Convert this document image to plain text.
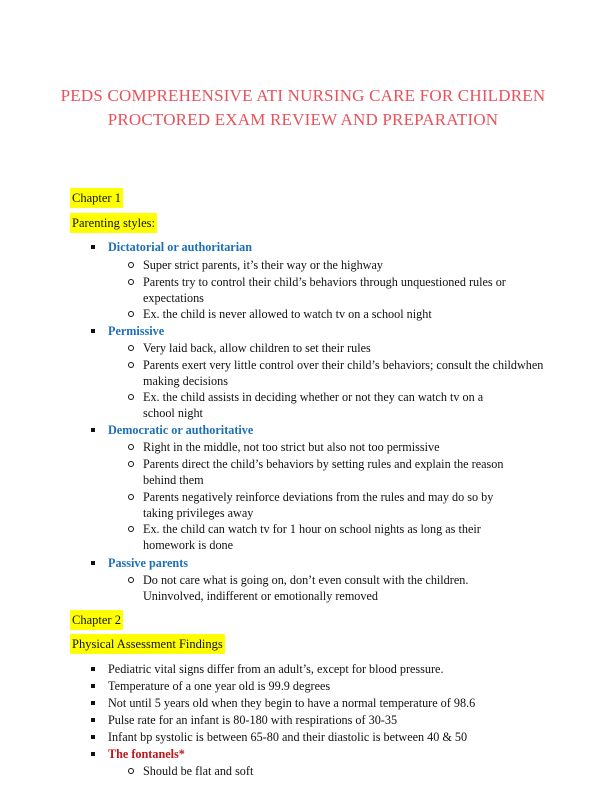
PEDS COMPREHENSIVE ATI NURSING CARE FOR CHILDREN PROCTORED EXAM REVIEW AND PREPARATION
Chapter 1
Parenting styles:
Dictatorial or authoritarian
Super strict parents, it’s their way or the highway
Parents try to control their child’s behaviors through unquestioned rules or
expectations
Ex. the child is never allowed to watch tv on a school night
Permissive
Very laid back, allow children to set their rules
Parents exert very little control over their child’s behaviors; consult the childwhen
making decisions
Ex. the child assists in deciding whether or not they can watch tv on a
school night
Democratic or authoritative
Right in the middle, not too strict but also not too permissive
Parents direct the child’s behaviors by setting rules and explain the reason
behind them
Parents negatively reinforce deviations from the rules and may do so by
taking privileges away
Ex. the child can watch tv for 1 hour on school nights as long as their
homework is done
Passive parents
Do not care what is going on, don’t even consult with the children.
Uninvolved, indifferent or emotionally removed
Chapter 2
Physical Assessment Findings
Pediatric vital signs differ from an adult’s, except for blood pressure.
Temperature of a one year old is 99.9 degrees
Not until 5 years old when they begin to have a normal temperature of 98.6
Pulse rate for an infant is 80-180 with respirations of 30-35
Infant bp systolic is between 65-80 and their diastolic is between 40 & 50
The fontanels*
Should be flat and soft
